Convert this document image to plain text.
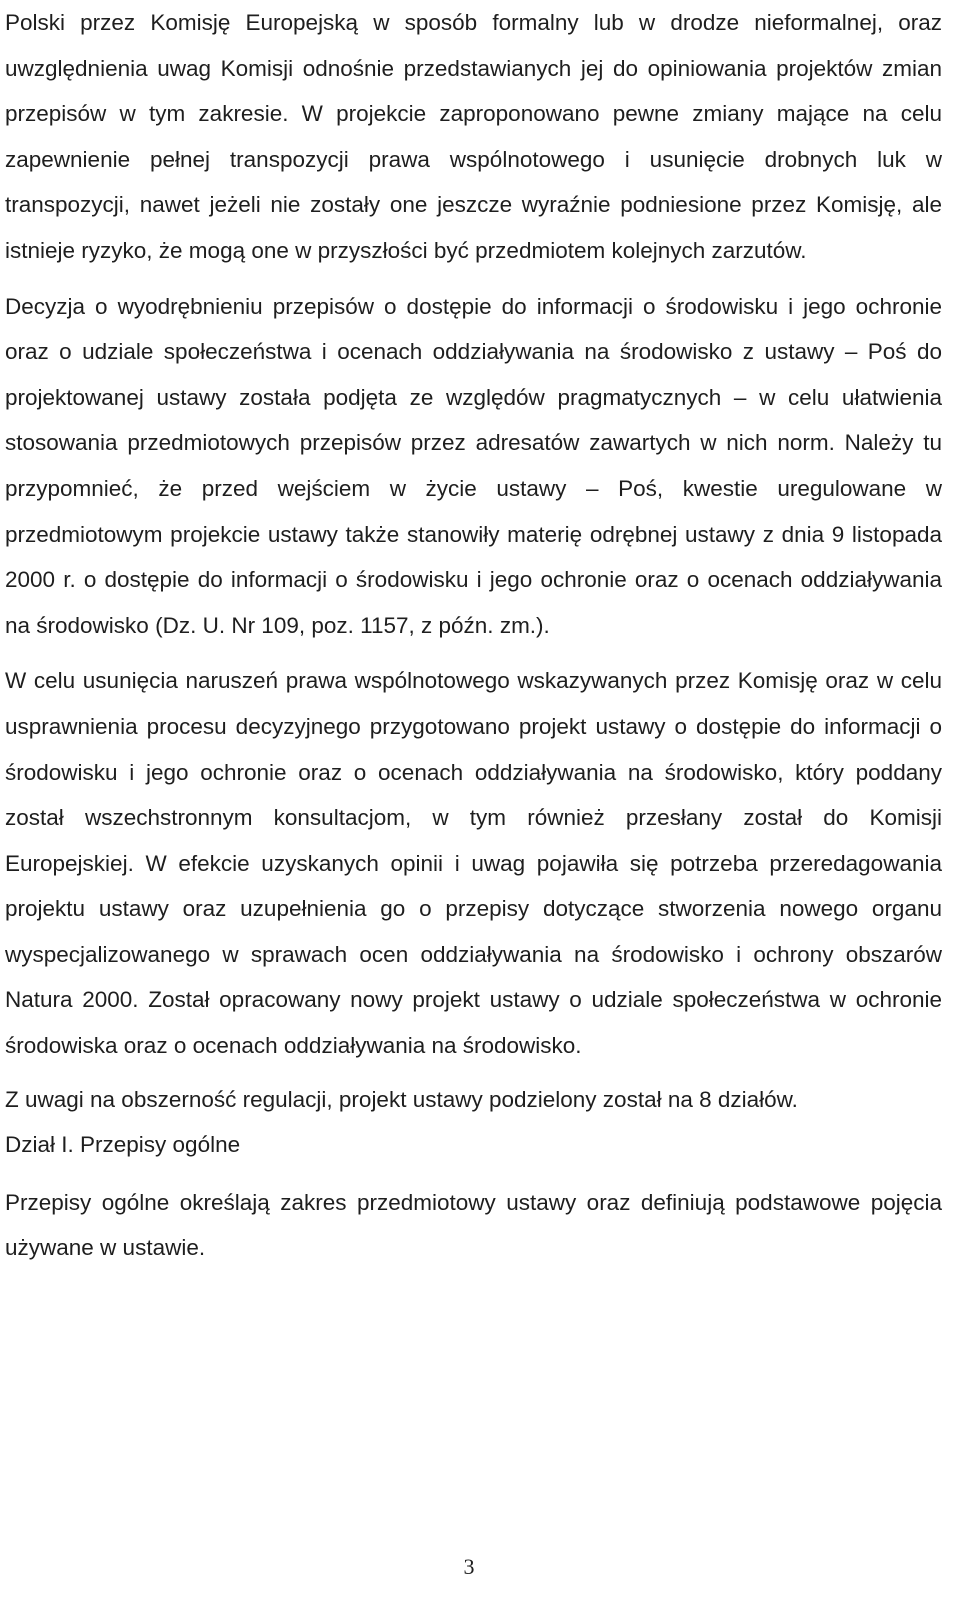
Polski przez Komisję Europejską w sposób formalny lub w drodze nieformalnej, oraz uwzględnienia uwag Komisji odnośnie przedstawianych jej do opiniowania projektów zmian przepisów w tym zakresie. W projekcie zaproponowano pewne zmiany mające na celu zapewnienie pełnej transpozycji prawa wspólnotowego i usunięcie drobnych luk w transpozycji, nawet jeżeli nie zostały one jeszcze wyraźnie podniesione przez Komisję, ale istnieje ryzyko, że mogą one w przyszłości być przedmiotem kolejnych zarzutów.

Decyzja o wyodrębnieniu przepisów o dostępie do informacji o środowisku i jego ochronie oraz o udziale społeczeństwa i ocenach oddziaływania na środowisko z ustawy – Poś do projektowanej ustawy została podjęta ze względów pragmatycznych – w celu ułatwienia stosowania przedmiotowych przepisów przez adresatów zawartych w nich norm. Należy tu przypomnieć, że przed wejściem w życie ustawy – Poś, kwestie uregulowane w przedmiotowym projekcie ustawy także stanowiły materię odrębnej ustawy z dnia 9 listopada 2000 r. o dostępie do informacji o środowisku i jego ochronie oraz o ocenach oddziaływania na środowisko (Dz. U. Nr 109, poz. 1157, z późn. zm.).

W celu usunięcia naruszeń prawa wspólnotowego wskazywanych przez Komisję oraz w celu usprawnienia procesu decyzyjnego przygotowano projekt ustawy o dostępie do informacji o środowisku i jego ochronie oraz o ocenach oddziaływania na środowisko, który poddany został wszechstronnym konsultacjom, w tym również przesłany został do Komisji Europejskiej. W efekcie uzyskanych opinii i uwag pojawiła się potrzeba przeredagowania projektu ustawy oraz uzupełnienia go o przepisy dotyczące stworzenia nowego organu wyspecjalizowanego w sprawach ocen oddziaływania na środowisko i ochrony obszarów Natura 2000. Został opracowany nowy projekt ustawy o udziale społeczeństwa w ochronie środowiska oraz o ocenach oddziaływania na środowisko.

Z uwagi na obszerność regulacji, projekt ustawy podzielony został na 8 działów.

Dział I. Przepisy ogólne

Przepisy ogólne określają zakres przedmiotowy ustawy oraz definiują podstawowe pojęcia używane w ustawie.

3
